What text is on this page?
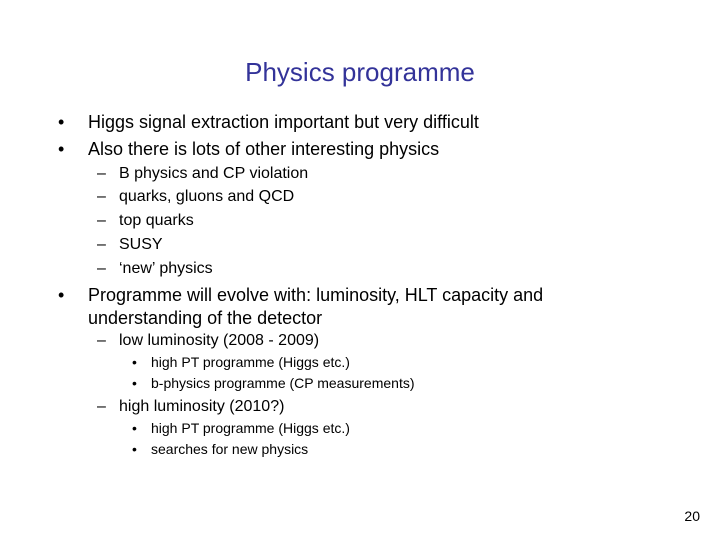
Physics programme
• Higgs signal extraction important but very difficult
• Also there is lots of other interesting physics
– B physics and CP violation
– quarks, gluons and QCD
– top quarks
– SUSY
– ‘new’ physics
• Programme will evolve with: luminosity, HLT capacity and
understanding of the detector
– low luminosity (2008 - 2009)
• high PT programme (Higgs etc.)
• b-physics programme (CP measurements)
– high luminosity (2010?)
• high PT programme (Higgs etc.)
• searches for new physics
20
